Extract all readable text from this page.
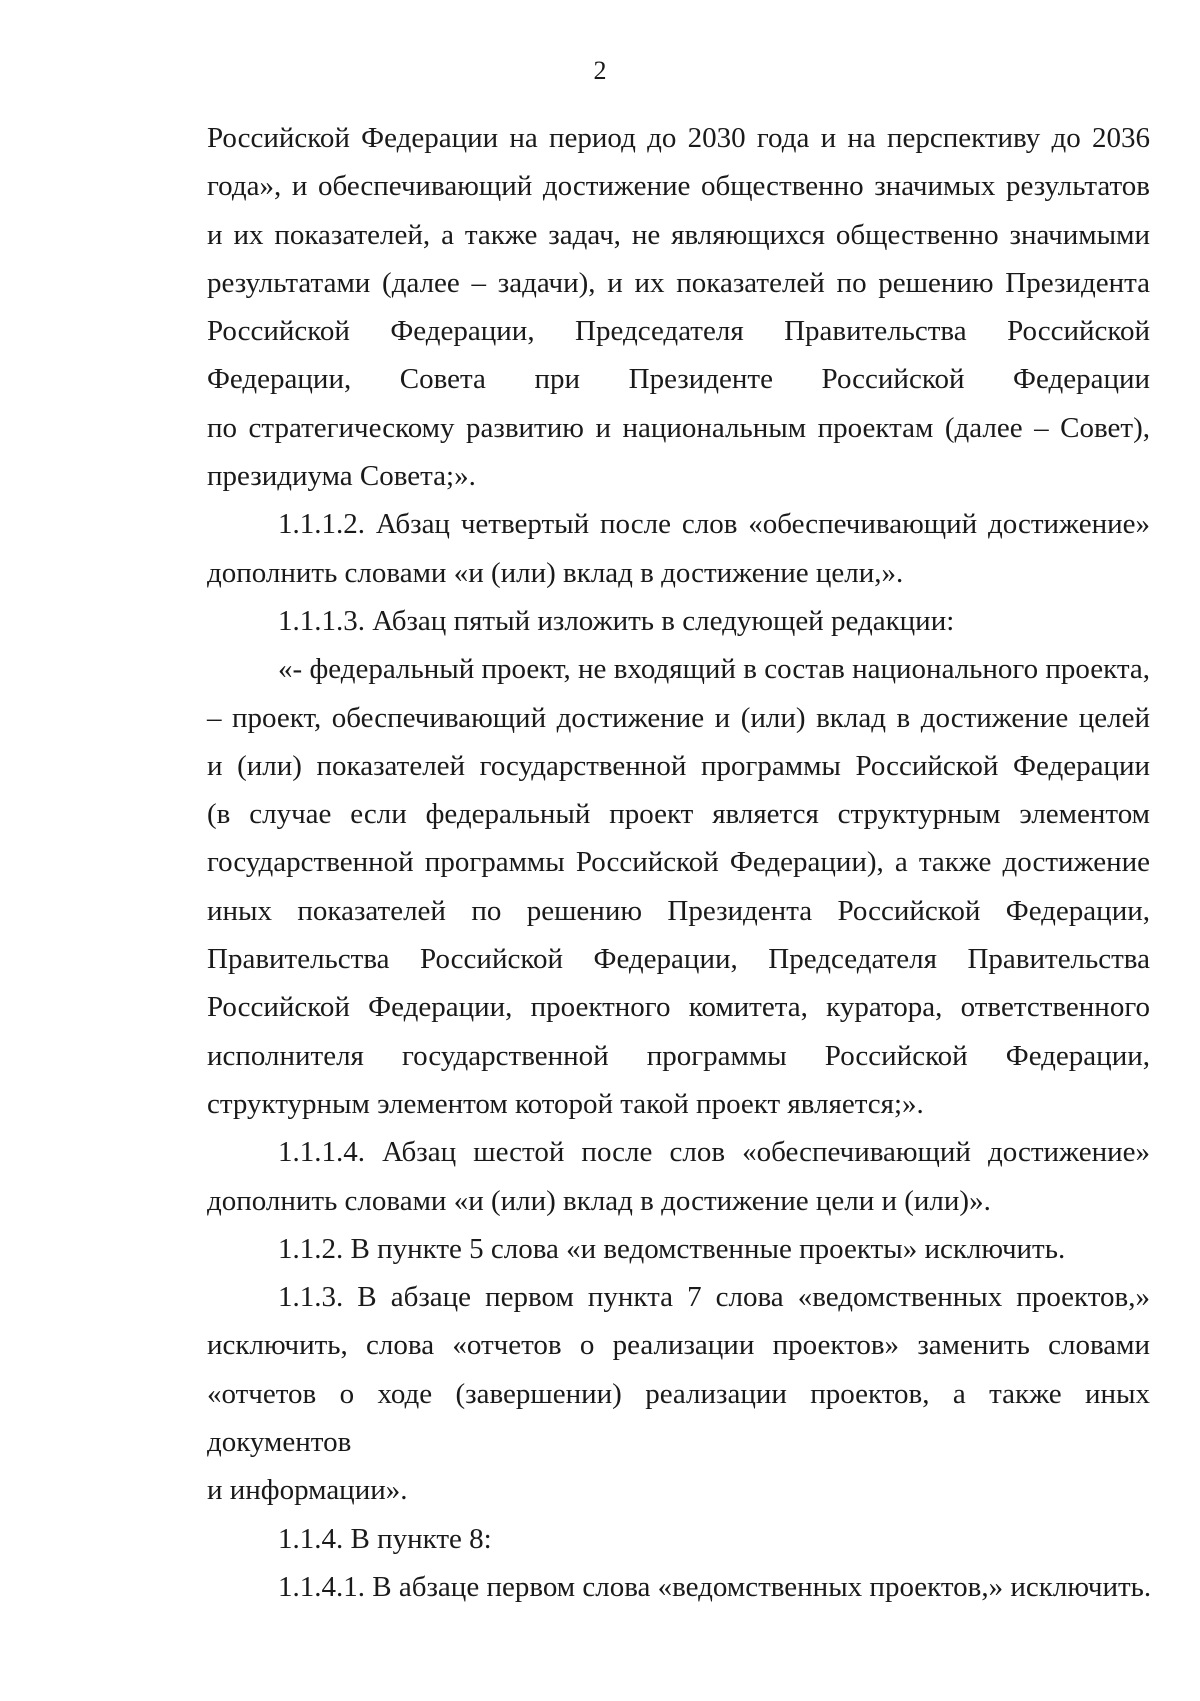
2
Российской Федерации на период до 2030 года и на перспективу до 2036
года», и обеспечивающий достижение общественно значимых результатов
и их показателей, а также задач, не являющихся общественно значимыми
результатами (далее – задачи), и их показателей по решению Президента
Российской Федерации, Председателя Правительства Российской
Федерации, Совета при Президенте Российской Федерации
по стратегическому развитию и национальным проектам (далее – Совет),
президиума Совета;».
1.1.1.2. Абзац четвертый после слов «обеспечивающий достижение»
дополнить словами «и (или) вклад в достижение цели,».
1.1.1.3. Абзац пятый изложить в следующей редакции:
«- федеральный проект, не входящий в состав национального проекта,
– проект, обеспечивающий достижение и (или) вклад в достижение целей
и (или) показателей государственной программы Российской Федерации
(в случае если федеральный проект является структурным элементом
государственной программы Российской Федерации), а также достижение
иных показателей по решению Президента Российской Федерации,
Правительства Российской Федерации, Председателя Правительства
Российской Федерации, проектного комитета, куратора, ответственного
исполнителя государственной программы Российской Федерации,
структурным элементом которой такой проект является;».
1.1.1.4. Абзац шестой после слов «обеспечивающий достижение»
дополнить словами «и (или) вклад в достижение цели и (или)».
1.1.2. В пункте 5 слова «и ведомственные проекты» исключить.
1.1.3. В абзаце первом пункта 7 слова «ведомственных проектов,»
исключить, слова «отчетов о реализации проектов» заменить словами
«отчетов о ходе (завершении) реализации проектов, а также иных документов
и информации».
1.1.4. В пункте 8:
1.1.4.1. В абзаце первом слова «ведомственных проектов,» исключить.
